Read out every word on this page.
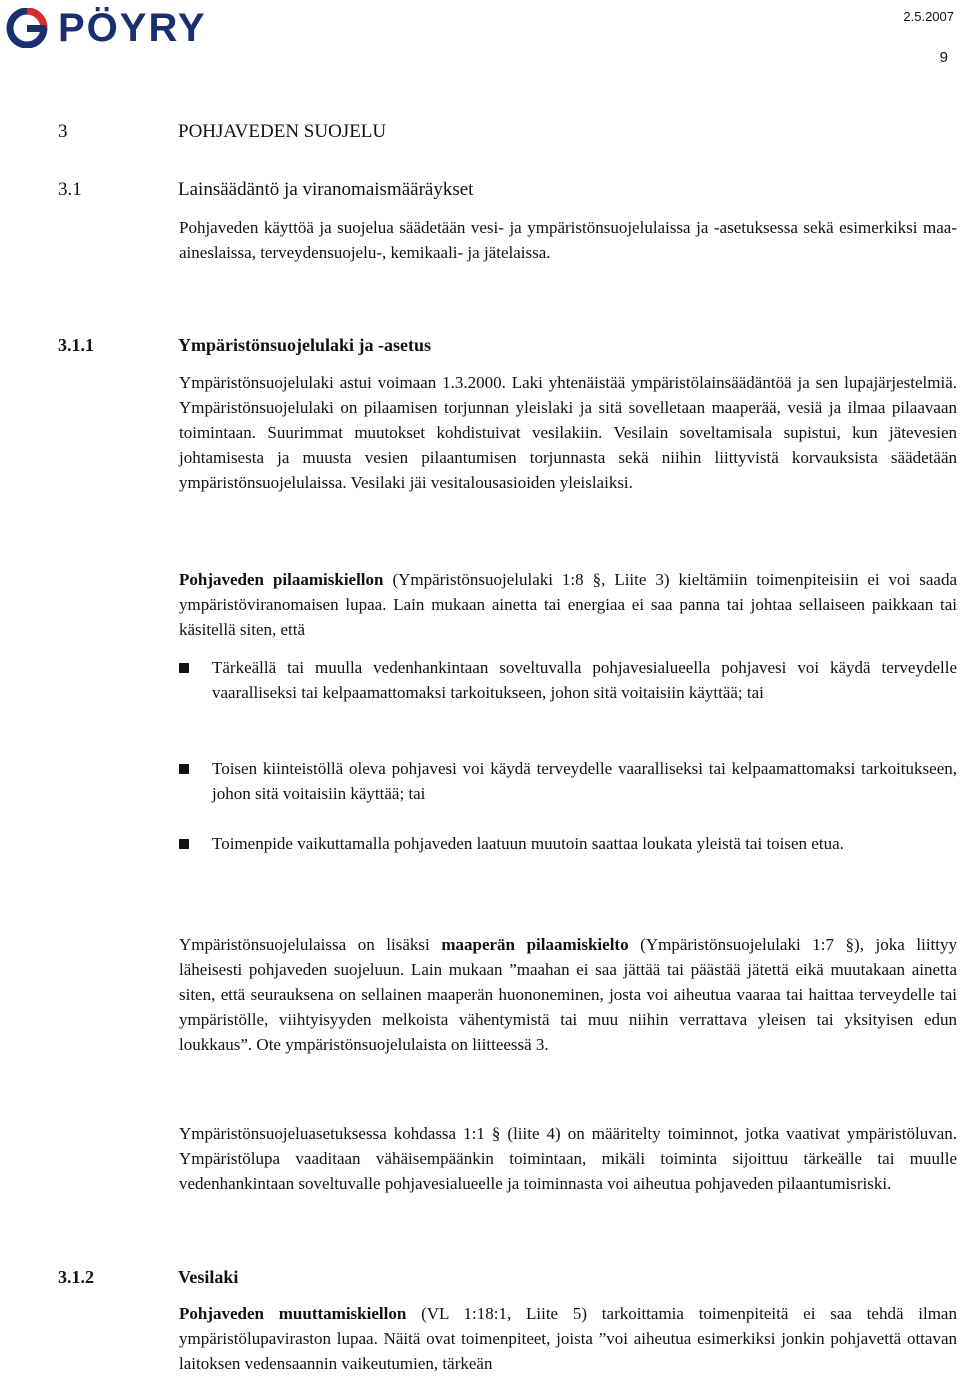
PÖYRY	2.5.2007
9
3	POHJAVEDEN SUOJELU
3.1	Lainsäädäntö ja viranomaismääräykset
Pohjaveden käyttöä ja suojelua säädetään vesi- ja ympäristönsuojelulaissa ja -asetuksessa sekä esimerkiksi maa-aineslaissa, terveydensuojelu-, kemikaali- ja jätelaissa.
3.1.1	Ympäristönsuojelulaki ja -asetus
Ympäristönsuojelulaki astui voimaan 1.3.2000. Laki yhtenäistää ympäristölainsäädäntöä ja sen lupajärjestelmiä. Ympäristönsuojelulaki on pilaamisen torjunnan yleislaki ja sitä sovelletaan maaperää, vesiä ja ilmaa pilaavaan toimintaan. Suurimmat muutokset kohdistuivat vesilakiin. Vesilain soveltamisala supistui, kun jätevesien johtamisesta ja muusta vesien pilaantumisen torjunnasta sekä niihin liittyvistä korvauksista säädetään ympäristönsuojelulaissa. Vesilaki jäi vesitalousasioiden yleislaiksi.
Pohjaveden pilaamiskiellon (Ympäristönsuojelulaki 1:8 §, Liite 3) kieltämiin toimenpiteisiin ei voi saada ympäristöviranomaisen lupaa. Lain mukaan ainetta tai energiaa ei saa panna tai johtaa sellaiseen paikkaan tai käsitellä siten, että
Tärkeällä tai muulla vedenhankintaan soveltuvalla pohjavesialueella pohjavesi voi käydä terveydelle vaaralliseksi tai kelpaamattomaksi tarkoitukseen, johon sitä voitaisiin käyttää; tai
Toisen kiinteistöllä oleva pohjavesi voi käydä terveydelle vaaralliseksi tai kelpaamattomaksi tarkoitukseen, johon sitä voitaisiin käyttää; tai
Toimenpide vaikuttamalla pohjaveden laatuun muutoin saattaa loukata yleistä tai toisen etua.
Ympäristönsuojelulaissa on lisäksi maaperän pilaamiskielto (Ympäristönsuojelulaki 1:7 §), joka liittyy läheisesti pohjaveden suojeluun. Lain mukaan ”maahan ei saa jättää tai päästää jätettä eikä muutakaan ainetta siten, että seurauksena on sellainen maaperän huononeminen, josta voi aiheutua vaaraa tai haittaa terveydelle tai ympäristölle, viihtyisyyden melkoista vähentymistä tai muu niihin verrattava yleisen tai yksityisen edun loukkaus”. Ote ympäristönsuojelulaista on liitteessä 3.
Ympäristönsuojeluasetuksessa kohdassa 1:1 § (liite 4) on määritelty toiminnot, jotka vaativat ympäristöluvan. Ympäristölupa vaaditaan vähäisempäänkin toimintaan, mikäli toiminta sijoittuu tärkeälle tai muulle vedenhankintaan soveltuvalle pohjavesialueelle ja toiminnasta voi aiheutua pohjaveden pilaantumisriski.
3.1.2	Vesilaki
Pohjaveden muuttamiskiellon (VL 1:18:1, Liite 5) tarkoittamia toimenpiteitä ei saa tehdä ilman ympäristölupaviraston lupaa. Näitä ovat toimenpiteet, joista ”voi aiheutua esimerkiksi jonkin pohjavettä ottavan laitoksen vedensaannin vaikeutumien, tärkeän
